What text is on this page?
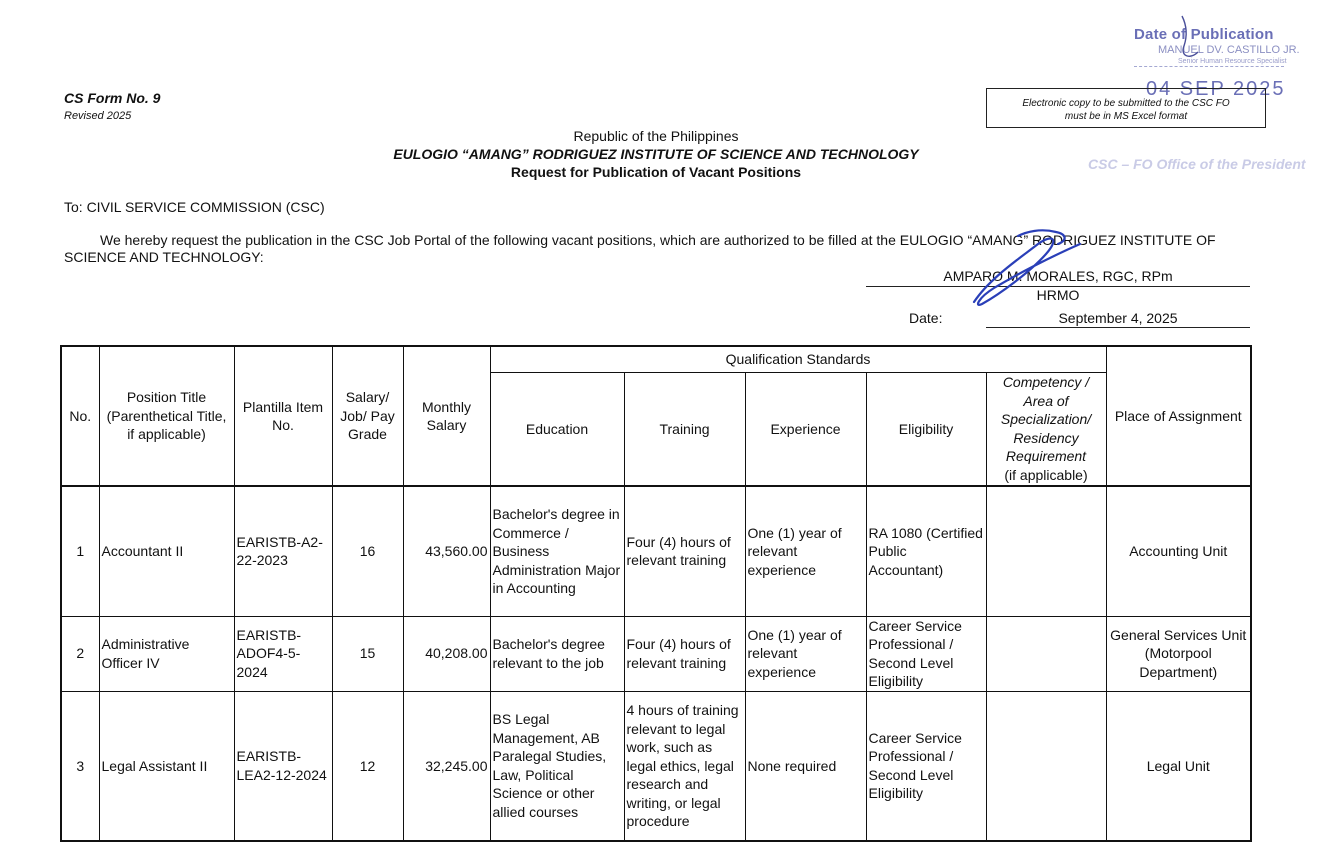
CS Form No. 9
Revised 2025
Date of Publication
MANUEL DV. CASTILLO JR.
Senior Human Resource Specialist
04 SEP 2025
Electronic copy to be submitted to the CSC FO
must be in MS Excel format
CSC – FO Office of the President
Republic of the Philippines
EULOGIO “AMANG” RODRIGUEZ INSTITUTE OF SCIENCE AND TECHNOLOGY
Request for Publication of Vacant Positions
To: CIVIL SERVICE COMMISSION (CSC)
We hereby request the publication in the CSC Job Portal of the following vacant positions, which are authorized to be filled at the EULOGIO “AMANG” RODRIGUEZ INSTITUTE OF SCIENCE AND TECHNOLOGY:
AMPARO M. MORALES, RGC, RPm
HRMO
Date:	September 4, 2025
No.	Position Title (Parenthetical Title, if applicable)	Plantilla Item No.	Salary/ Job/ Pay Grade	Monthly Salary	Qualification Standards					Place of Assignment
					Education	Training	Experience	Eligibility	Competency / Area of Specialization/ Residency Requirement
(if applicable)	

1	Accountant II	EARISTB-A2-22-2023	16	43,560.00	Bachelor's degree in Commerce / Business Administration Major in Accounting	Four (4) hours of relevant training	One (1) year of relevant experience	RA 1080 (Certified Public Accountant)		Accounting Unit
2	Administrative Officer IV	EARISTB-ADOF4-5-2024	15	40,208.00	Bachelor's degree relevant to the job	Four (4) hours of relevant training	One (1) year of relevant experience	Career Service Professional / Second Level Eligibility		General Services Unit (Motorpool Department)
3	Legal Assistant II	EARISTB-LEA2-12-2024	12	32,245.00	BS Legal Management, AB Paralegal Studies, Law, Political Science or other allied courses	4 hours of training relevant to legal work, such as legal ethics, legal research and writing, or legal procedure	None required	Career Service Professional / Second Level Eligibility		Legal Unit
